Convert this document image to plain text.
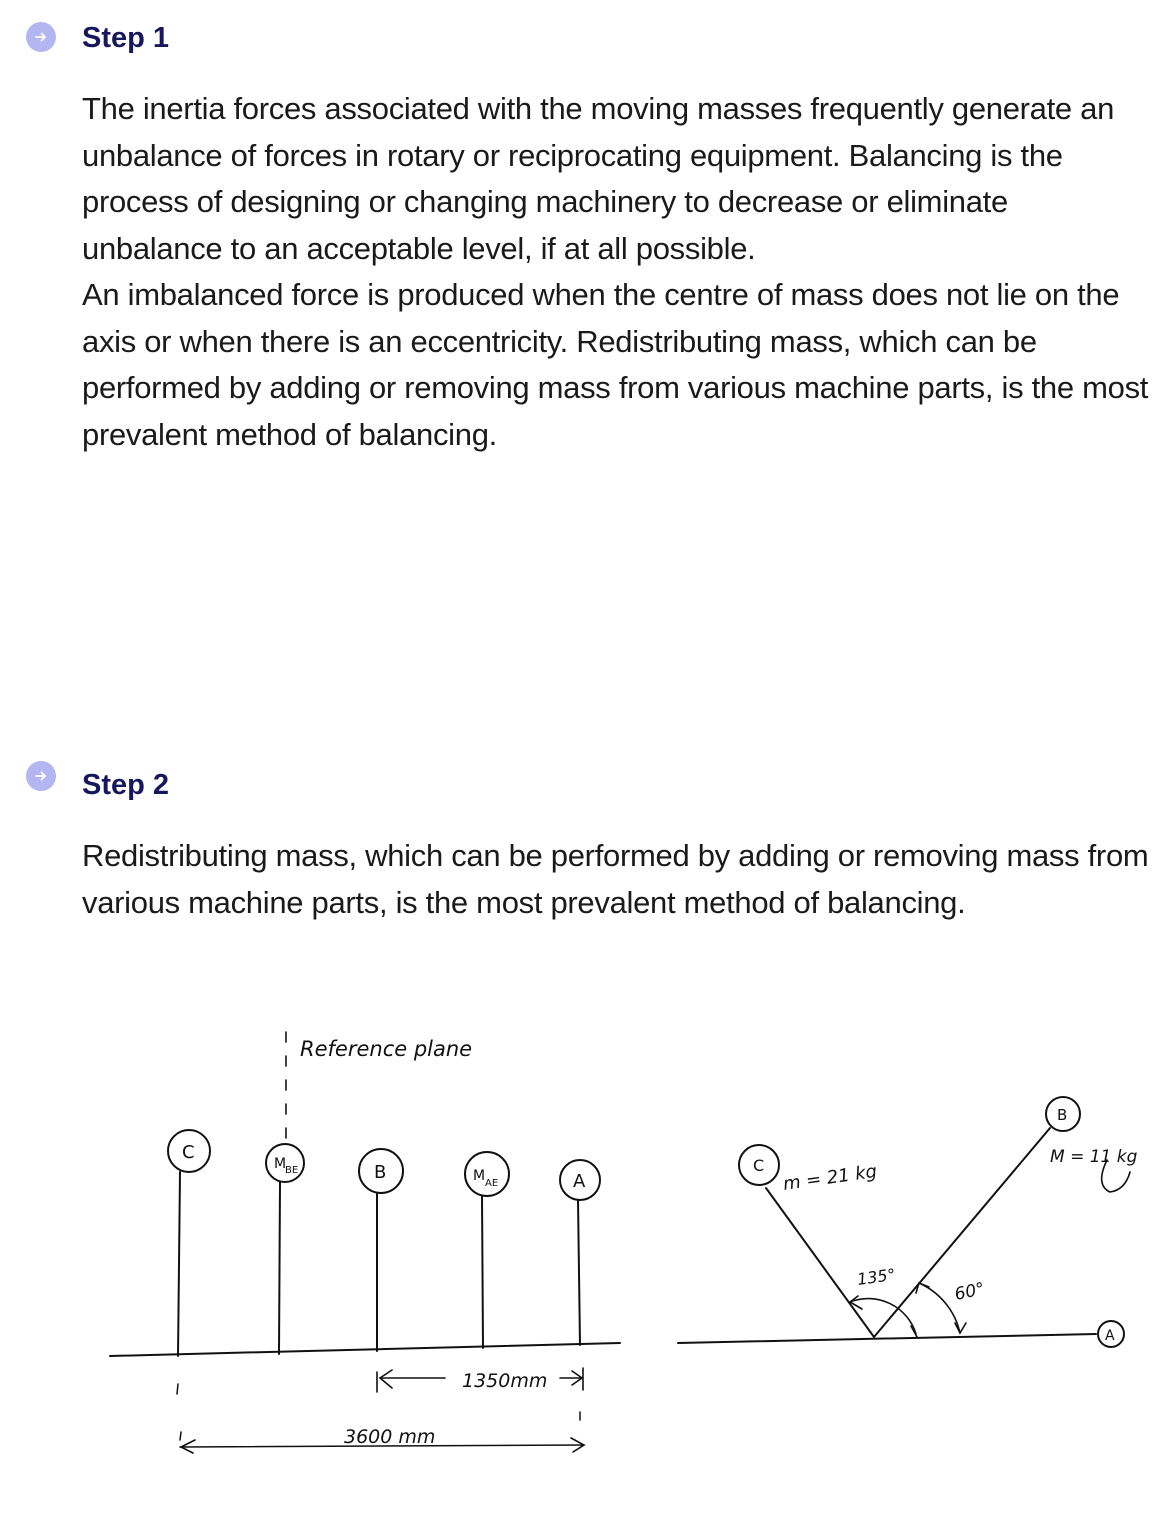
Step 1

The inertia forces associated with the moving masses frequently generate an unbalance of forces in rotary or reciprocating equipment. Balancing is the process of designing or changing machinery to decrease or eliminate unbalance to an acceptable level, if at all possible.

An imbalanced force is produced when the centre of mass does not lie on the axis or when there is an eccentricity. Redistributing mass, which can be performed by adding or removing mass from various machine parts, is the most prevalent method of balancing.

Step 2

Redistributing mass, which can be performed by adding or removing mass from various machine parts, is the most prevalent method of balancing.

Reference plane
C
M
BE	B	M AE	A
1350mm
3600 mm
C
B
A
m = 21 kg
M = 11 kg
135°
60°
